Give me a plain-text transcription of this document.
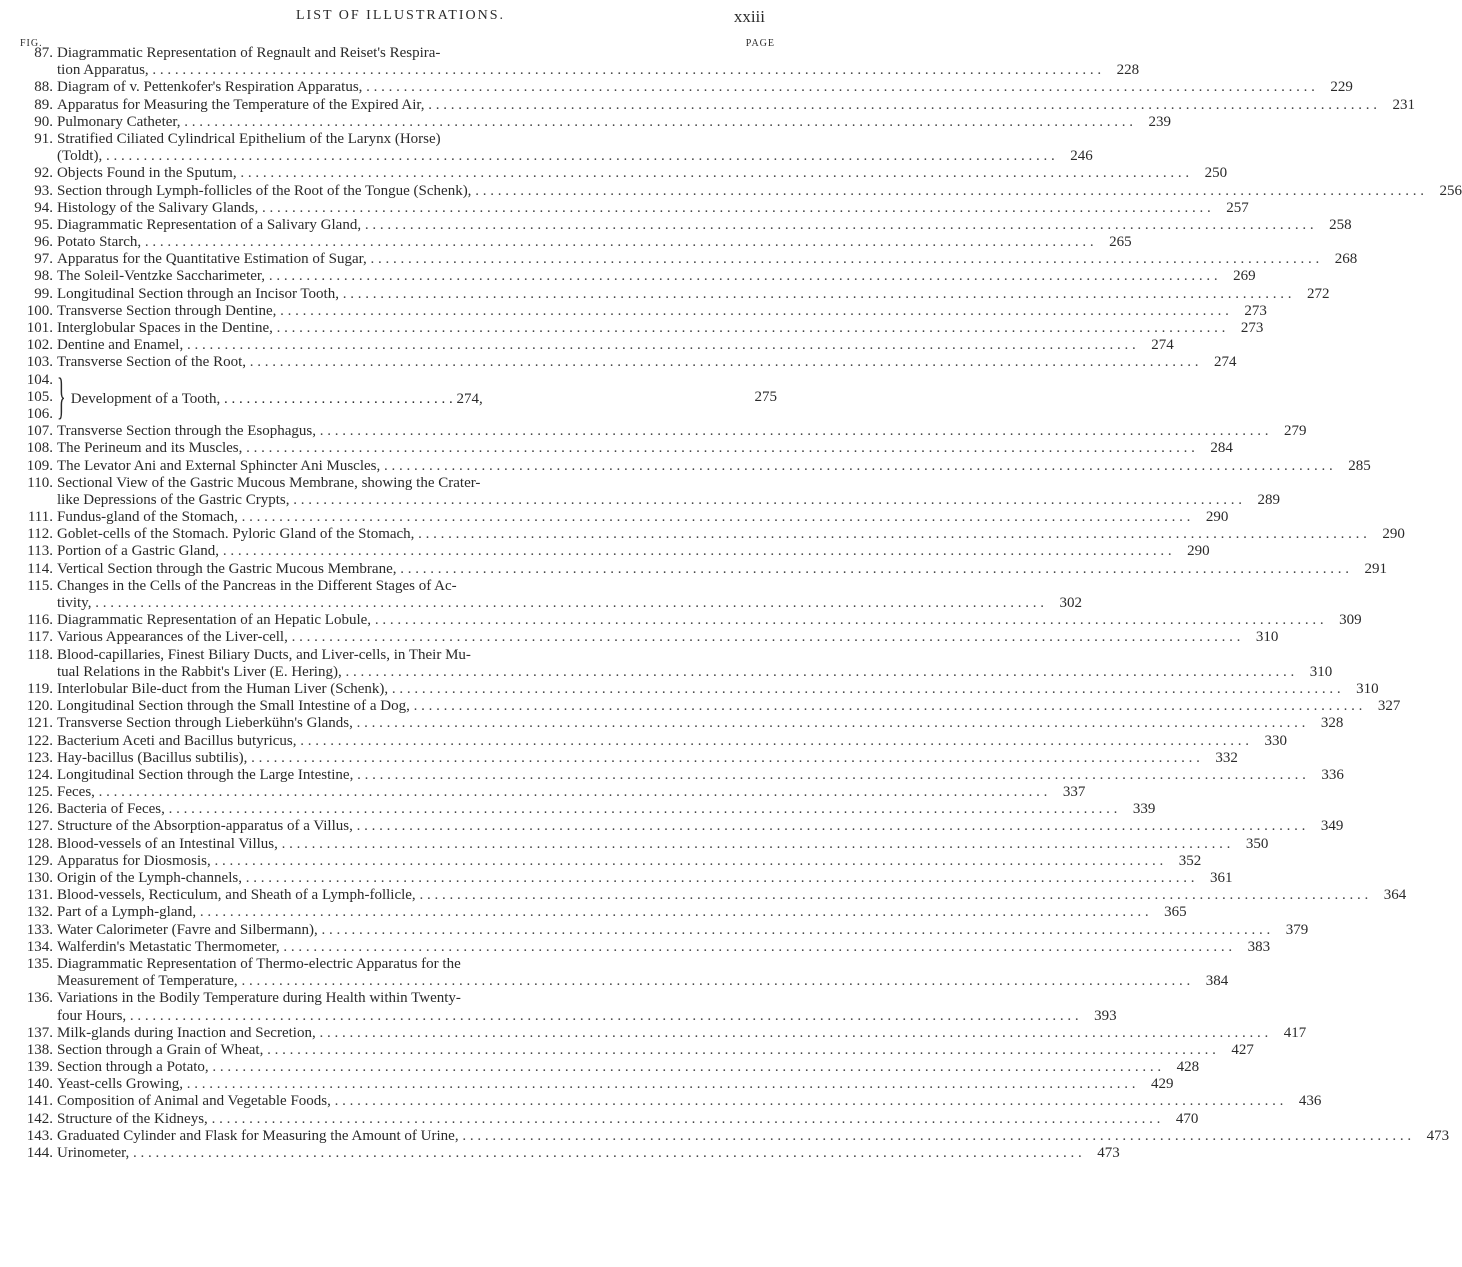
LIST OF ILLUSTRATIONS.	xxiii
FIG.	PAGE
87. Diagrammatic Representation of Regnault and Reiset's Respira-
tion Apparatus, . . .	228
88. Diagram of v. Pettenkofer's Respiration Apparatus, . . .	229
89. Apparatus for Measuring the Temperature of the Expired Air, . . .	231
90. Pulmonary Catheter, . . .	239
91. Stratified Ciliated Cylindrical Epithelium of the Larynx (Horse)
(Toldt), . . .	246
92. Objects Found in the Sputum, . . .	250
93. Section through Lymph-follicles of the Root of the Tongue (Schenk), . . .	256
94. Histology of the Salivary Glands, . . .	257
95. Diagrammatic Representation of a Salivary Gland, . . .	258
96. Potato Starch, . . .	265
97. Apparatus for the Quantitative Estimation of Sugar, . . .	268
98. The Soleil-Ventzke Saccharimeter, . . .	269
99. Longitudinal Section through an Incisor Tooth, . . .	272
100. Transverse Section through Dentine, . . .	273
101. Interglobular Spaces in the Dentine, . . .	273
102. Dentine and Enamel, . . .	274
103. Transverse Section of the Root, . . .	274
104.
105. } Development of a Tooth, . . . . . . . . . . . . . . . . . . . . . . . . . . . . . . . 274,	275
106.
107. Transverse Section through the Esophagus, . . .	279
108. The Perineum and its Muscles, . . .	284
109. The Levator Ani and External Sphincter Ani Muscles, . . .	285
110. Sectional View of the Gastric Mucous Membrane, showing the Crater-
like Depressions of the Gastric Crypts, . . .	289
111. Fundus-gland of the Stomach, . . .	290
112. Goblet-cells of the Stomach. Pyloric Gland of the Stomach, . . .	290
113. Portion of a Gastric Gland, . . .	290
114. Vertical Section through the Gastric Mucous Membrane, . . .	291
115. Changes in the Cells of the Pancreas in the Different Stages of Ac-
tivity, . . .	302
116. Diagrammatic Representation of an Hepatic Lobule, . . .	309
117. Various Appearances of the Liver-cell, . . .	310
118. Blood-capillaries, Finest Biliary Ducts, and Liver-cells, in Their Mu-
tual Relations in the Rabbit's Liver (E. Hering), . . .	310
119. Interlobular Bile-duct from the Human Liver (Schenk), . . .	310
120. Longitudinal Section through the Small Intestine of a Dog, . . .	327
121. Transverse Section through Lieberkühn's Glands, . . .	328
122. Bacterium Aceti and Bacillus butyricus, . . .	330
123. Hay-bacillus (Bacillus subtilis), . . .	332
124. Longitudinal Section through the Large Intestine, . . .	336
125. Feces, . . .	337
126. Bacteria of Feces, . . .	339
127. Structure of the Absorption-apparatus of a Villus, . . .	349
128. Blood-vessels of an Intestinal Villus, . . .	350
129. Apparatus for Diosmosis, . . .	352
130. Origin of the Lymph-channels, . . .	361
131. Blood-vessels, Recticulum, and Sheath of a Lymph-follicle, . . .	364
132. Part of a Lymph-gland, . . .	365
133. Water Calorimeter (Favre and Silbermann), . . .	379
134. Walferdin's Metastatic Thermometer, . . .	383
135. Diagrammatic Representation of Thermo-electric Apparatus for the
Measurement of Temperature, . . .	384
136. Variations in the Bodily Temperature during Health within Twenty-
four Hours, . . .	393
137. Milk-glands during Inaction and Secretion, . . .	417
138. Section through a Grain of Wheat, . . .	427
139. Section through a Potato, . . .	428
140. Yeast-cells Growing, . . .	429
141. Composition of Animal and Vegetable Foods, . . .	436
142. Structure of the Kidneys, . . .	470
143. Graduated Cylinder and Flask for Measuring the Amount of Urine, . . .	473
144. Urinometer, . . .	473
